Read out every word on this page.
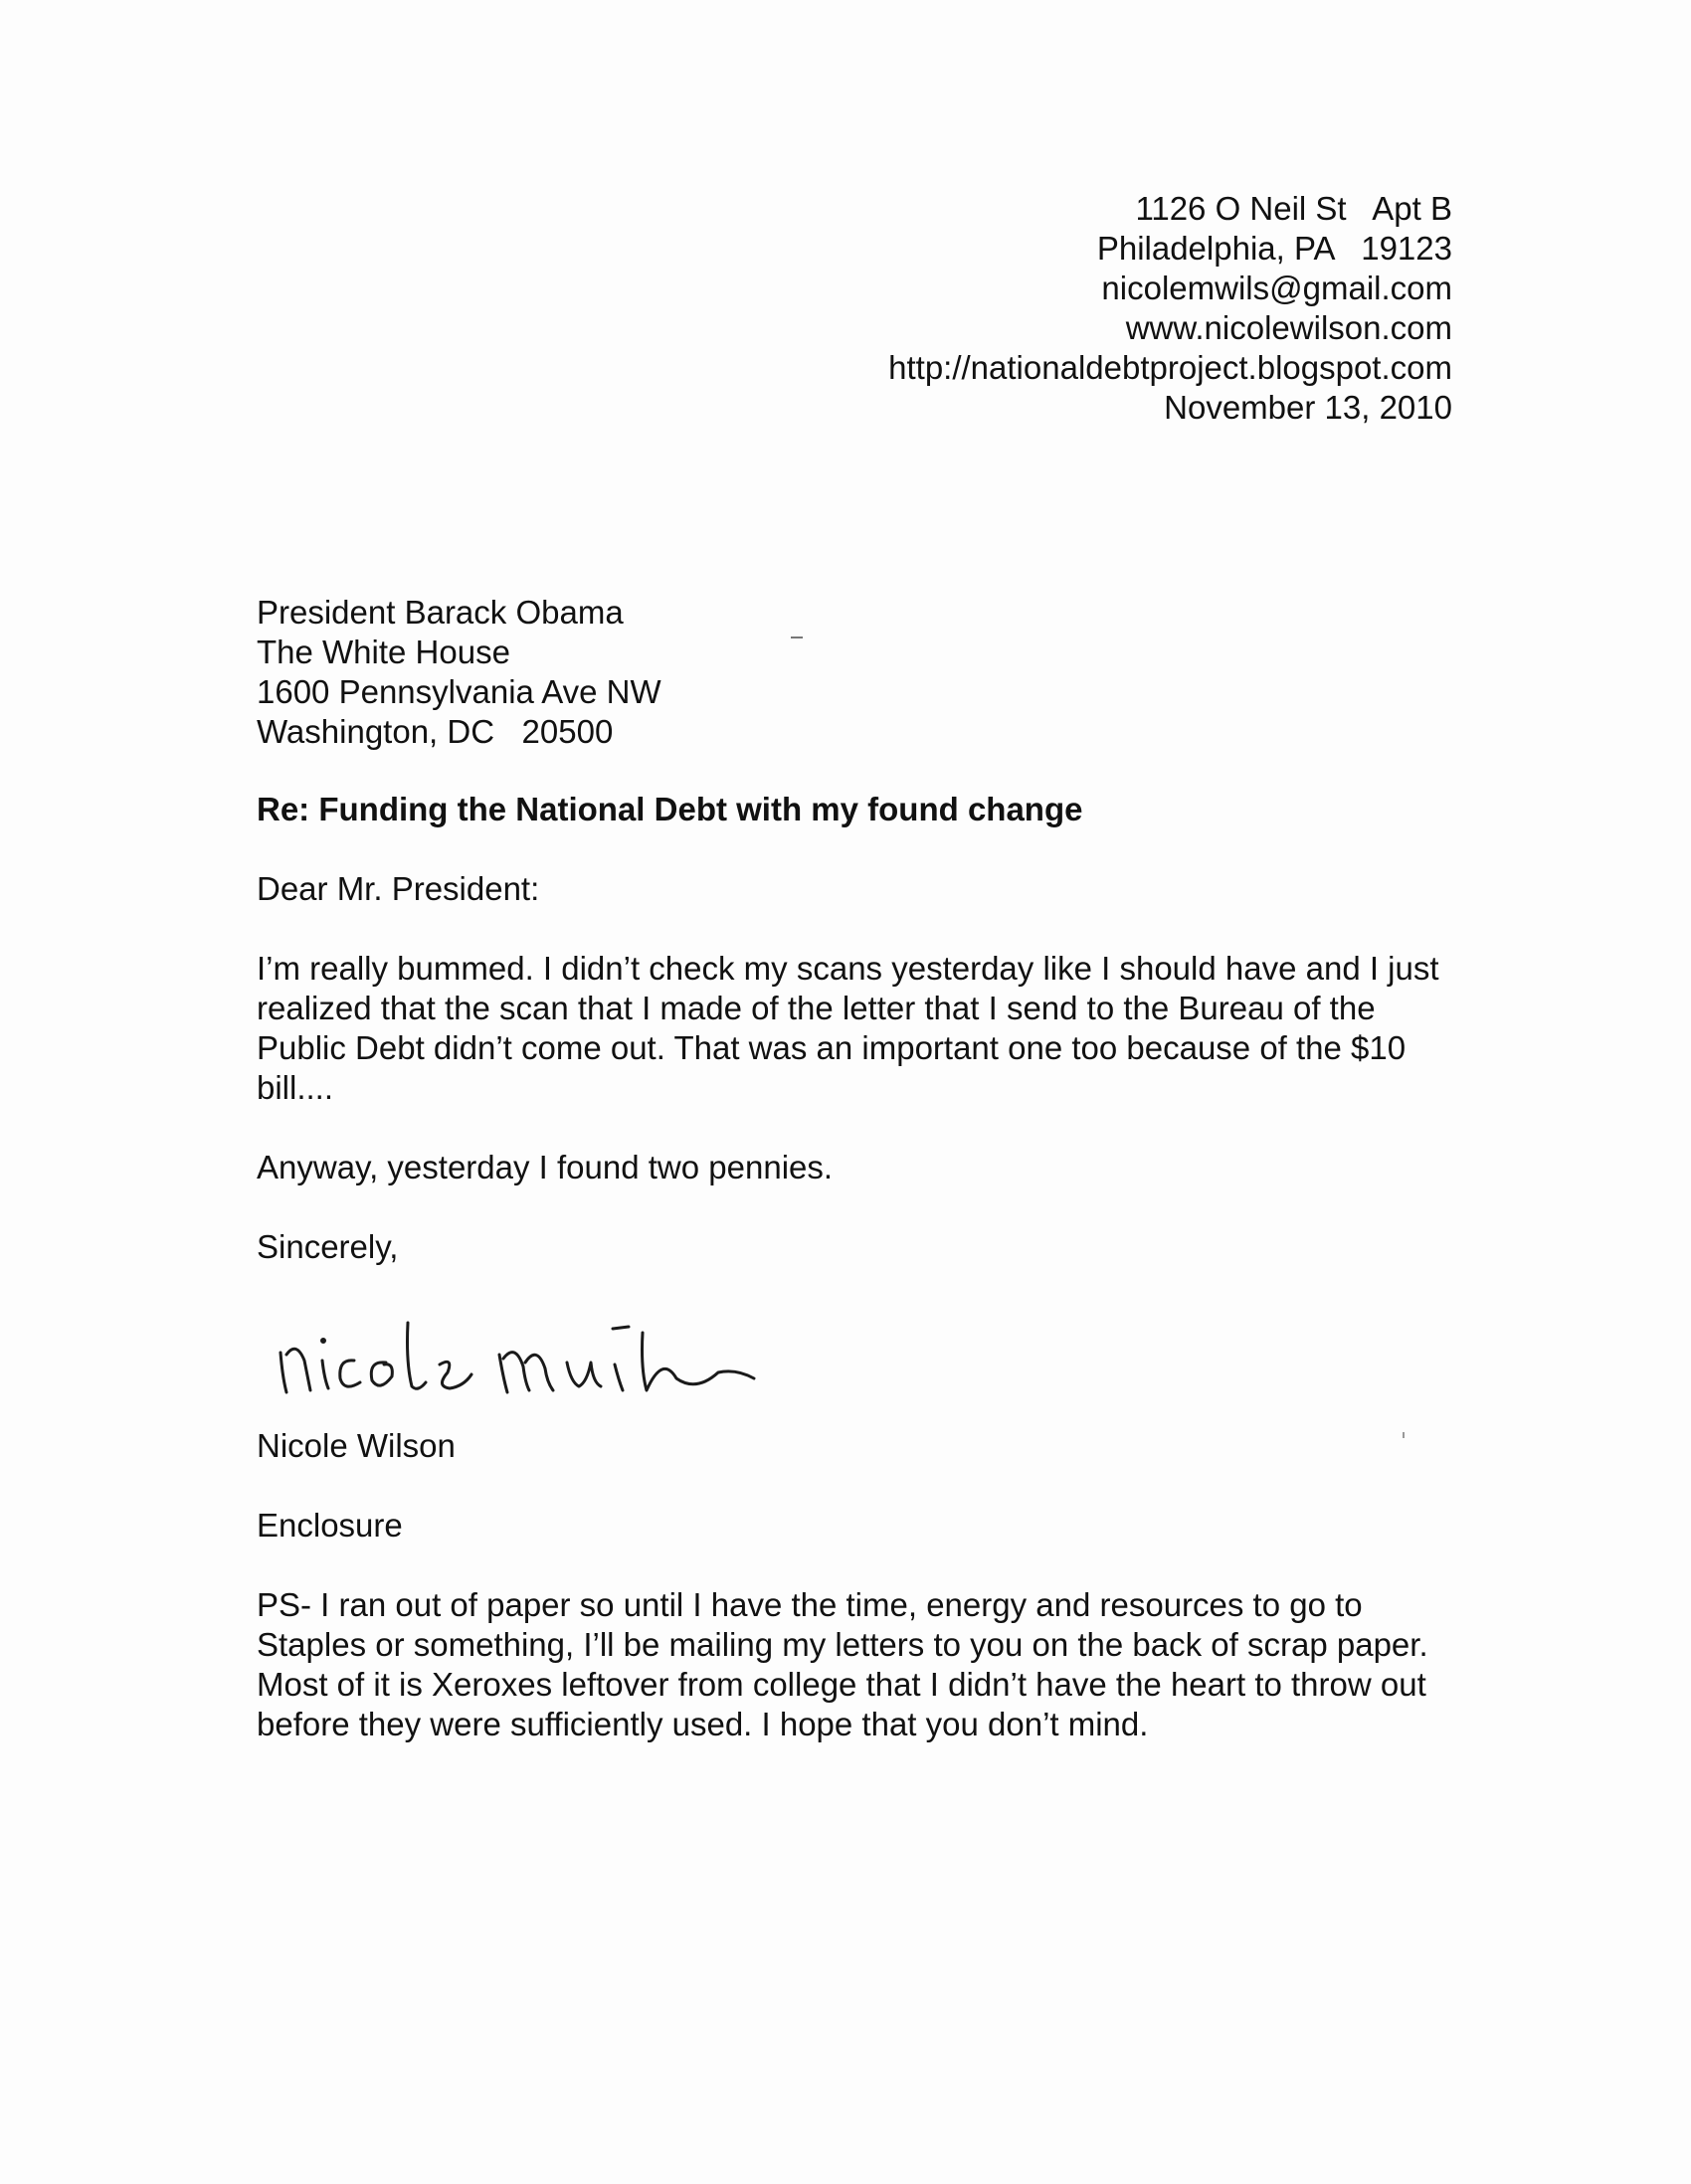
1126 O Neil St   Apt B
Philadelphia, PA   19123
nicolemwils@gmail.com
www.nicolewilson.com
http://nationaldebtproject.blogspot.com
November 13, 2010
President Barack Obama
The White House
1600 Pennsylvania Ave NW
Washington, DC   20500
Re: Funding the National Debt with my found change
Dear Mr. President:
I’m really bummed. I didn’t check my scans yesterday like I should have and I just realized that the scan that I made of the letter that I send to the Bureau of the Public Debt didn’t come out. That was an important one too because of the $10 bill....
Anyway, yesterday I found two pennies.
Sincerely,
Nicole Wilson
Enclosure
PS- I ran out of paper so until I have the time, energy and resources to go to Staples or something, I’ll be mailing my letters to you on the back of scrap paper. Most of it is Xeroxes leftover from college that I didn’t have the heart to throw out before they were sufficiently used. I hope that you don’t mind.
